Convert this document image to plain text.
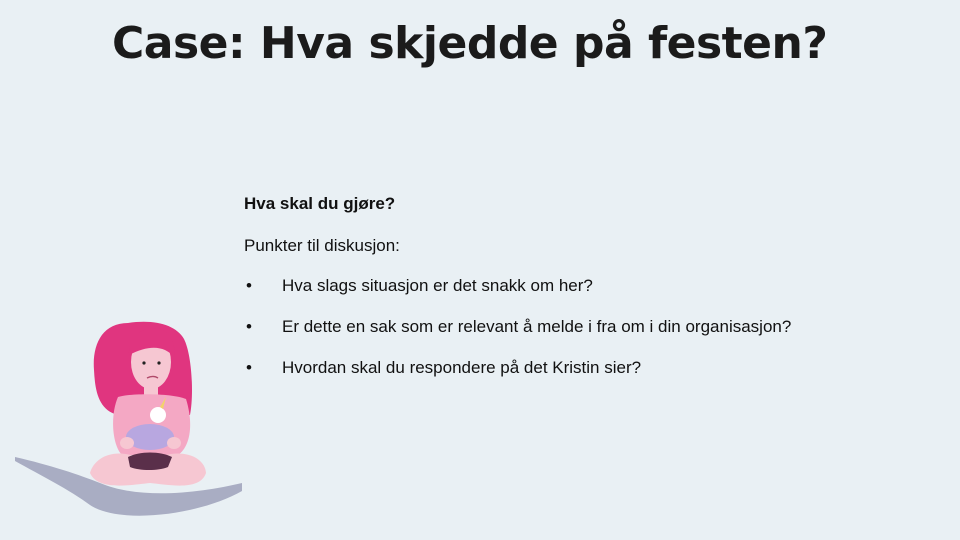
Case: Hva skjedde på festen?

Hva skal du gjøre?

Punkter til diskusjon:

•	Hva slags situasjon er det snakk om her?
•	Er dette en sak som er relevant å melde i fra om i din organisasjon?
•	Hvordan skal du respondere på det Kristin sier?
